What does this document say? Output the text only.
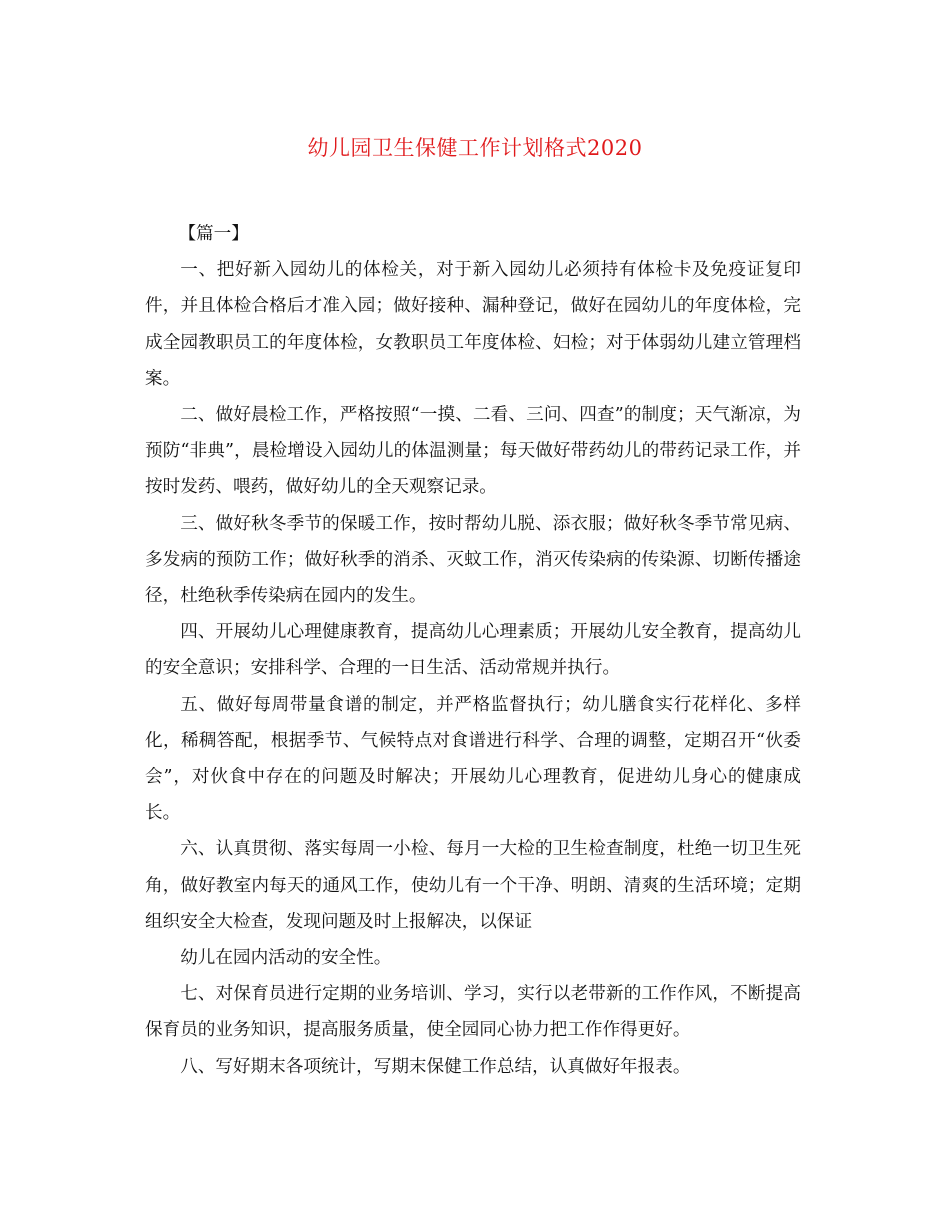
幼儿园卫生保健工作计划格式2020

【篇一】

一、把好新入园幼儿的体检关，对于新入园幼儿必须持有体检卡及免疫证复印件，并且体检合格后才准入园；做好接种、漏种登记，做好在园幼儿的年度体检，完成全园教职员工的年度体检，女教职员工年度体检、妇检；对于体弱幼儿建立管理档案。

二、做好晨检工作，严格按照“一摸、二看、三问、四查”的制度；天气渐凉，为预防“非典”，晨检增设入园幼儿的体温测量；每天做好带药幼儿的带药记录工作，并按时发药、喂药，做好幼儿的全天观察记录。

三、做好秋冬季节的保暖工作，按时帮幼儿脱、添衣服；做好秋冬季节常见病、多发病的预防工作；做好秋季的消杀、灭蚊工作，消灭传染病的传染源、切断传播途径，杜绝秋季传染病在园内的发生。

四、开展幼儿心理健康教育，提高幼儿心理素质；开展幼儿安全教育，提高幼儿的安全意识；安排科学、合理的一日生活、活动常规并执行。

五、做好每周带量食谱的制定，并严格监督执行；幼儿膳食实行花样化、多样化，稀稠答配，根据季节、气候特点对食谱进行科学、合理的调整，定期召开“伙委会”，对伙食中存在的问题及时解决；开展幼儿心理教育，促进幼儿身心的健康成长。

六、认真贯彻、落实每周一小检、每月一大检的卫生检查制度，杜绝一切卫生死角，做好教室内每天的通风工作，使幼儿有一个干净、明朗、清爽的生活环境；定期组织安全大检查，发现问题及时上报解决，以保证

幼儿在园内活动的安全性。

七、对保育员进行定期的业务培训、学习，实行以老带新的工作作风，不断提高保育员的业务知识，提高服务质量，使全园同心协力把工作作得更好。

八、写好期末各项统计，写期末保健工作总结，认真做好年报表。
